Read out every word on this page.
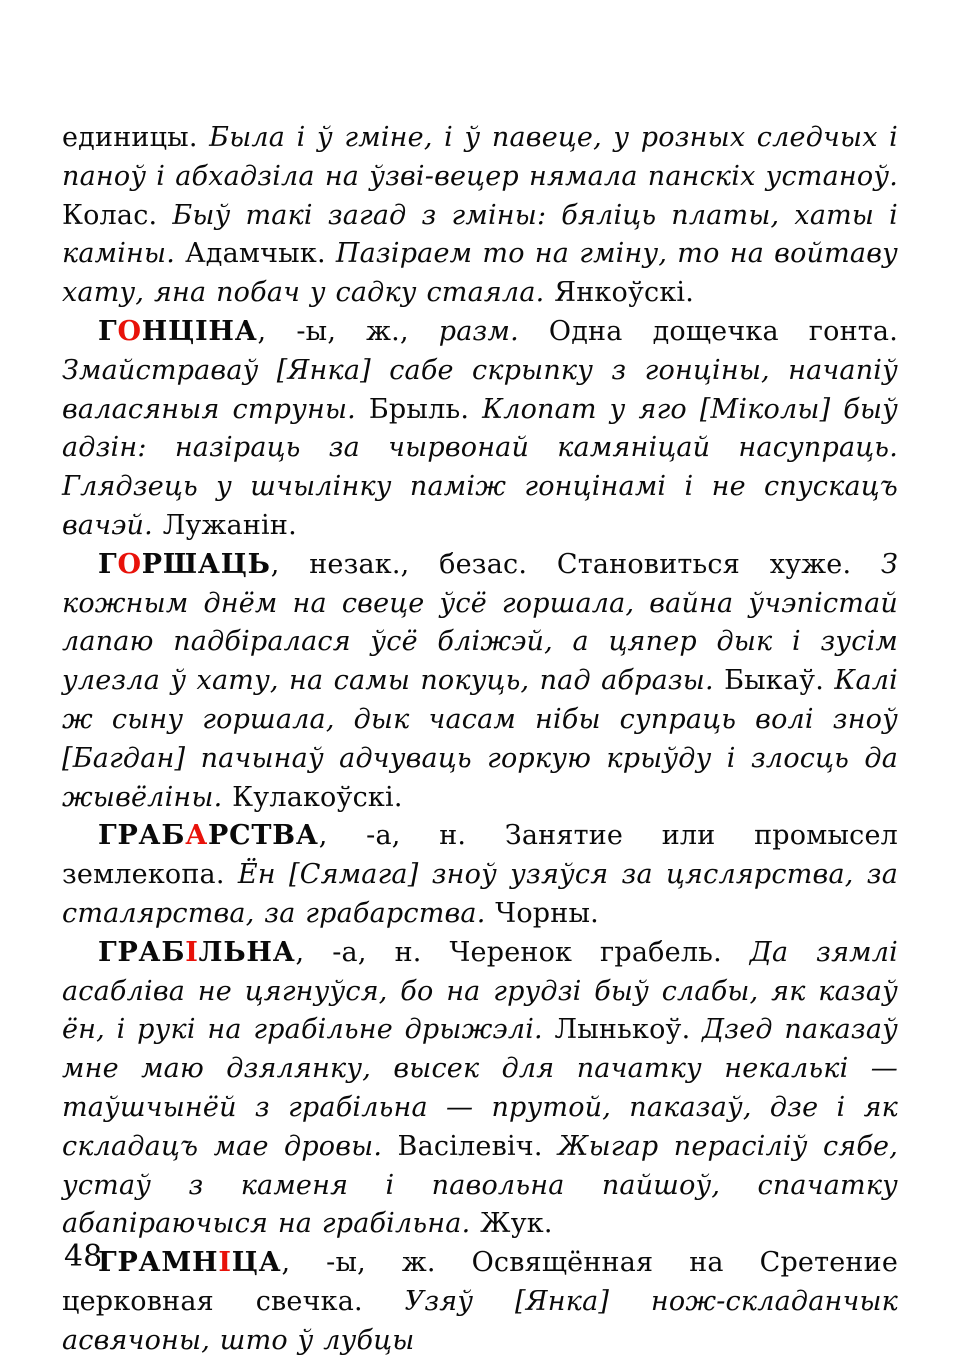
единицы. Была і ў гміне, і ў павеце, у розных следчых і паноў і абхадзіла на ўзві-вецер нямала панскіх устаноў. Колас. Быў такі загад з гміны: бяліць платы, хаты і каміны. Адамчык. Пазіраем то на гміну, то на войтаву хату, яна побач у садку стаяла. Янкоўскі.

ГОНЦІНА, -ы, ж., разм. Одна дощечка гонта. Змайстраваў [Янка] сабе скрыпку з гонціны, начапіў валасяныя струны. Брыль. Клопат у яго [Міколы] быў адзін: назіраць за чырвонай камяніцай насупраць. Глядзець у шчылінку паміж гонцінамі і не спускацъ вачэй. Лужанін.

ГОРШАЦЬ, незак., безас. Становиться хуже. З кожным днём на свеце ўсё горшала, вайна ўчэпістай лапаю падбіралася ўсё бліжэй, а цяпер дык і зусім улезла ў хату, на самы покуць, пад абразы. Быкаў. Калі ж сыну горшала, дык часам нібы супраць волі зноў [Багдан] пачынаў адчуваць горкую крыўду і злосць да жывёліны. Кулакоўскі.

ГРАБАРСТВА, -а, н. Занятие или промысел землекопа. Ён [Сямага] зноў узяўся за цяслярства, за сталярства, за грабарства. Чорны.

ГРАБІЛЬНА, -а, н. Черенок грабель. Да зямлі асабліва не цягнуўся, бо на грудзі быў слабы, як казаў ён, і рукі на грабільне дрыжэлі. Лынькоў. Дзед паказаў мне маю дзялянку, высек для пачатку некалькі — таўшчынёй з грабільна — прутой, паказаў, дзе і як складацъ мае дровы. Васілевіч. Жыгар перасіліў сябе, устаў з каменя і павольна пайшоў, спачатку абапіраючыся на грабільна. Жук.

ГРАМНІЦА, -ы, ж. Освящённая на Сретение церковная свечка. Узяў [Янка] нож-складанчык асвячоны, што ў лубцы

48
